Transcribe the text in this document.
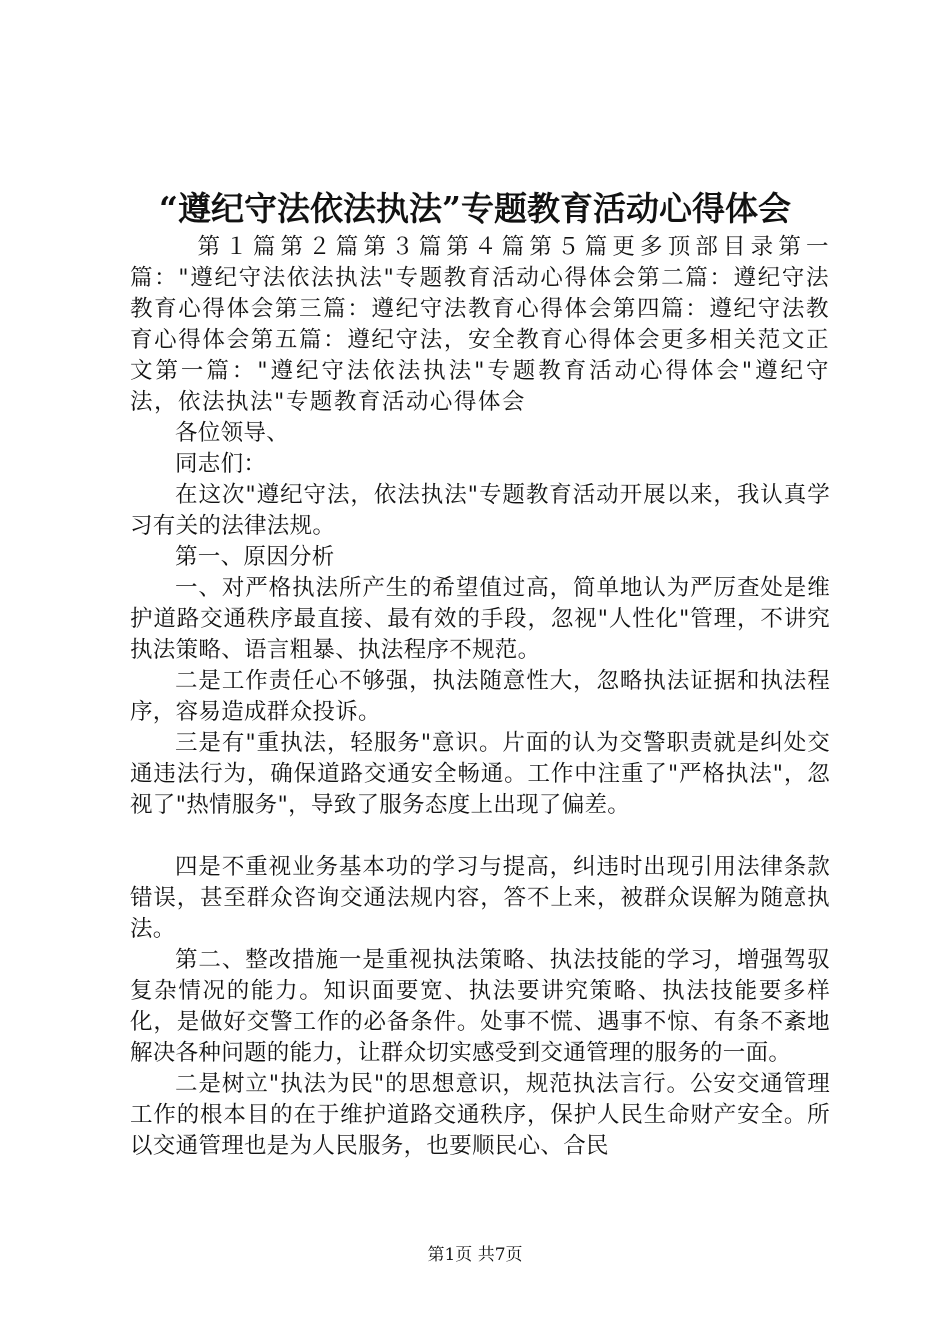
“遵纪守法依法执法”专题教育活动心得体会

第１篇第２篇第３篇第４篇第５篇更多顶部目录第一篇："遵纪守法依法执法"专题教育活动心得体会第二篇：遵纪守法教育心得体会第三篇：遵纪守法教育心得体会第四篇：遵纪守法教育心得体会第五篇：遵纪守法，安全教育心得体会更多相关范文正文第一篇："遵纪守法依法执法"专题教育活动心得体会"遵纪守法，依法执法"专题教育活动心得体会

各位领导、

同志们：

在这次"遵纪守法，依法执法"专题教育活动开展以来，我认真学习有关的法律法规。

第一、原因分析

一、对严格执法所产生的希望值过高，简单地认为严厉查处是维护道路交通秩序最直接、最有效的手段，忽视"人性化"管理，不讲究执法策略、语言粗暴、执法程序不规范。

二是工作责任心不够强，执法随意性大，忽略执法证据和执法程序，容易造成群众投诉。

三是有"重执法，轻服务"意识。片面的认为交警职责就是纠处交通违法行为，确保道路交通安全畅通。工作中注重了"严格执法"，忽视了"热情服务"，导致了服务态度上出现了偏差。

四是不重视业务基本功的学习与提高，纠违时出现引用法律条款错误，甚至群众咨询交通法规内容，答不上来，被群众误解为随意执法。

第二、整改措施一是重视执法策略、执法技能的学习，增强驾驭复杂情况的能力。知识面要宽、执法要讲究策略、执法技能要多样化，是做好交警工作的必备条件。处事不慌、遇事不惊、有条不紊地解决各种问题的能力，让群众切实感受到交通管理的服务的一面。

二是树立"执法为民"的思想意识，规范执法言行。公安交通管理工作的根本目的在于维护道路交通秩序，保护人民生命财产安全。所以交通管理也是为人民服务，也要顺民心、合民

第1页 共7页
